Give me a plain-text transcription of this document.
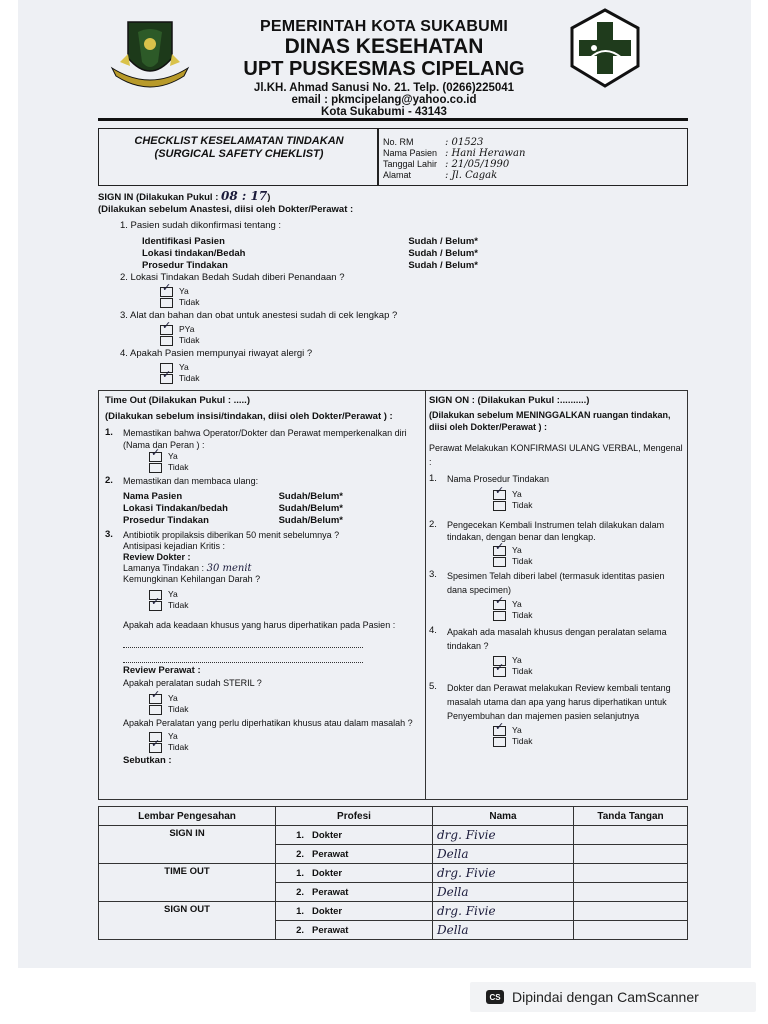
PEMERINTAH KOTA SUKABUMI
DINAS KESEHATAN
UPT PUSKESMAS CIPELANG
Jl.KH. Ahmad Sanusi No. 21. Telp. (0266)225041
email : pkmcipelang@yahoo.co.id
Kota Sukabumi - 43143
CHECKLIST KESELAMATAN TINDAKAN
(SURGICAL SAFETY CHEKLIST)
No. RM	: 01523
Nama Pasien : Hani Herawan
Tanggal Lahir : 21/05/1990
Alamat	: Jl. Cagak
SIGN IN (Dilakukan Pukul : 08 : 17)
(Dilakukan sebelum Anastesi, diisi oleh Dokter/Perawat :
1. Pasien sudah dikonfirmasi tentang :
Identifikasi Pasien	Sudah / Belum*
Lokasi tindakan/Bedah	Sudah / Belum*
Prosedur Tindakan	Sudah / Belum*
2. Lokasi Tindakan Bedah Sudah diberi Penandaan ?
✓Ya
Tidak
3. Alat dan bahan dan obat untuk anestesi sudah di cek lengkap ?
✓PYa
Tidak
4. Apakah Pasien mempunyai riwayat alergi ?
Ya
✓Tidak
Time Out (Dilakukan Pukul : .....)
(Dilakukan sebelum insisi/tindakan, diisi oleh Dokter/Perawat ) :
1.	Memastikan bahwa Operator/Dokter dan Perawat memperkenalkan diri (Nama dan Peran ) :
✓Ya
Tidak
2.	Memastikan dan membaca ulang:
Nama Pasien	Sudah/Belum*
Lokasi Tindakan/bedah	Sudah/Belum*
Prosedur Tindakan	Sudah/Belum*
3.	Antibiotik propilaksis diberikan 50 menit sebelumnya ?
Antisipasi kejadian Kritis :
Review Dokter :
Lamanya Tindakan : 30 menit
Kemungkinan Kehilangan Darah ?
Ya
✓Tidak
Apakah ada keadaan khusus yang harus diperhatikan pada Pasien :
Review Perawat :
Apakah peralatan sudah STERIL ?
✓Ya
Tidak
Apakah Peralatan yang perlu diperhatikan khusus atau dalam masalah ?
Ya
✓Tidak
Sebutkan :
SIGN ON : (Dilakukan Pukul :..........)
(Dilakukan sebelum MENINGGALKAN ruangan tindakan, diisi oleh Dokter/Perawat ) :
Perawat Melakukan KONFIRMASI ULANG VERBAL, Mengenal :
1.	Nama Prosedur Tindakan
✓Ya
Tidak
2.	Pengecekan Kembali Instrumen telah dilakukan dalam tindakan, dengan benar dan lengkap.
✓Ya
Tidak
3.	Spesimen Telah diberi label (termasuk identitas pasien dana specimen)
✓Ya
Tidak
4.	Apakah ada masalah khusus dengan peralatan selama tindakan ?
Ya
✓Tidak
5.	Dokter dan Perawat melakukan Review kembali tentang masalah utama dan apa yang harus diperhatikan untuk Penyembuhan dan majemen pasien selanjutnya
✓Ya
Tidak
Lembar Pengesahan	Profesi	Nama	Tanda Tangan
SIGN IN	1. Dokter	drg. Fivie	
	2. Perawat	Della	
TIME OUT	1. Dokter	drg. Fivie	
	2. Perawat	Della	
SIGN OUT	1. Dokter	drg. Fivie	
	2. Perawat	Della	
CS Dipindai dengan CamScanner
